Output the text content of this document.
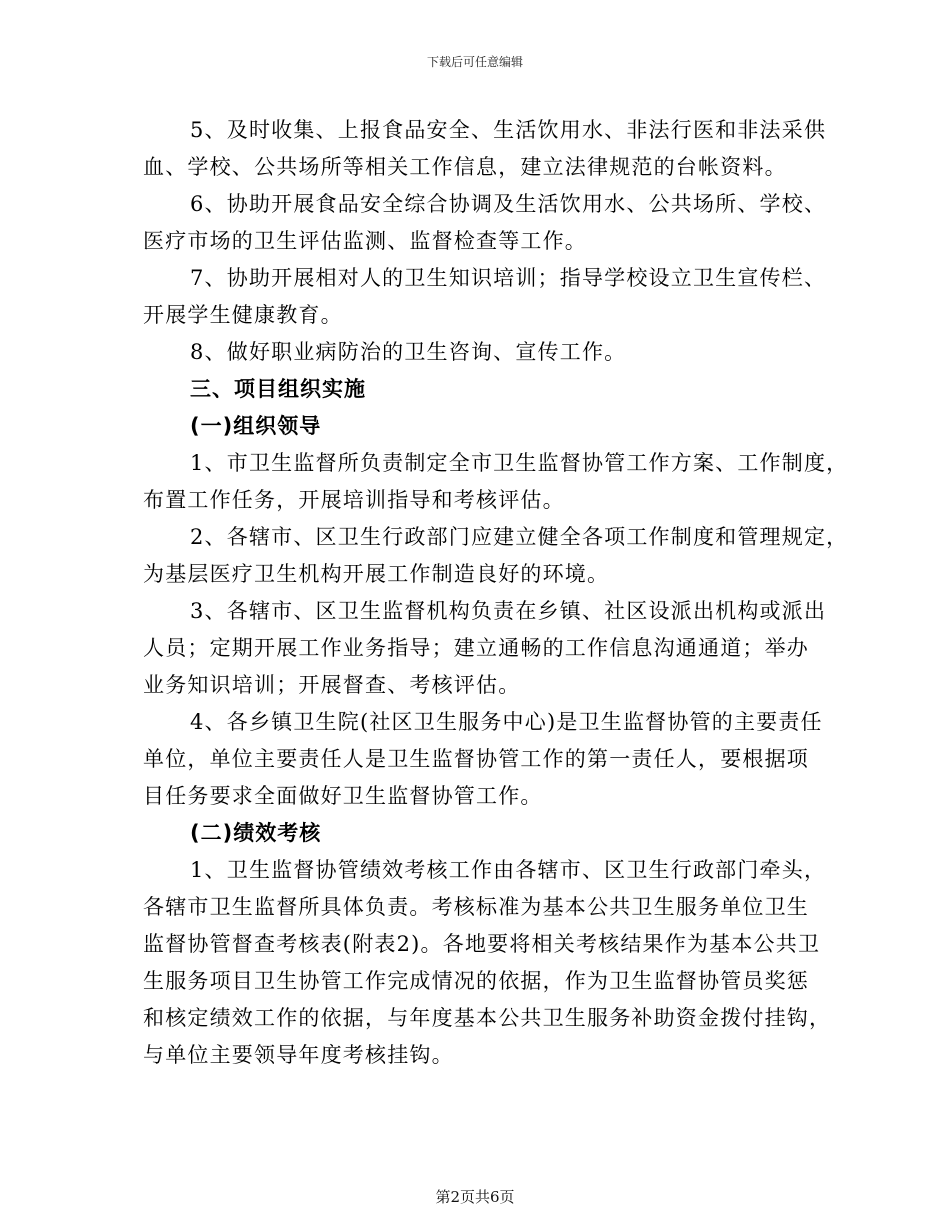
下载后可任意编辑
5、及时收集、上报食品安全、生活饮用水、非法行医和非法采供
血、学校、公共场所等相关工作信息，建立法律规范的台帐资料。
6、协助开展食品安全综合协调及生活饮用水、公共场所、学校、
医疗市场的卫生评估监测、监督检查等工作。
7、协助开展相对人的卫生知识培训；指导学校设立卫生宣传栏、
开展学生健康教育。
8、做好职业病防治的卫生咨询、宣传工作。
三、项目组织实施
(一)组织领导
1、市卫生监督所负责制定全市卫生监督协管工作方案、工作制度，
布置工作任务，开展培训指导和考核评估。
2、各辖市、区卫生行政部门应建立健全各项工作制度和管理规定，
为基层医疗卫生机构开展工作制造良好的环境。
3、各辖市、区卫生监督机构负责在乡镇、社区设派出机构或派出
人员；定期开展工作业务指导；建立通畅的工作信息沟通通道；举办
业务知识培训；开展督查、考核评估。
4、各乡镇卫生院(社区卫生服务中心)是卫生监督协管的主要责任
单位，单位主要责任人是卫生监督协管工作的第一责任人，要根据项
目任务要求全面做好卫生监督协管工作。
(二)绩效考核
1、卫生监督协管绩效考核工作由各辖市、区卫生行政部门牵头，
各辖市卫生监督所具体负责。考核标准为基本公共卫生服务单位卫生
监督协管督查考核表(附表2)。各地要将相关考核结果作为基本公共卫
生服务项目卫生协管工作完成情况的依据，作为卫生监督协管员奖惩
和核定绩效工作的依据，与年度基本公共卫生服务补助资金拨付挂钩，
与单位主要领导年度考核挂钩。
第2页共6页
